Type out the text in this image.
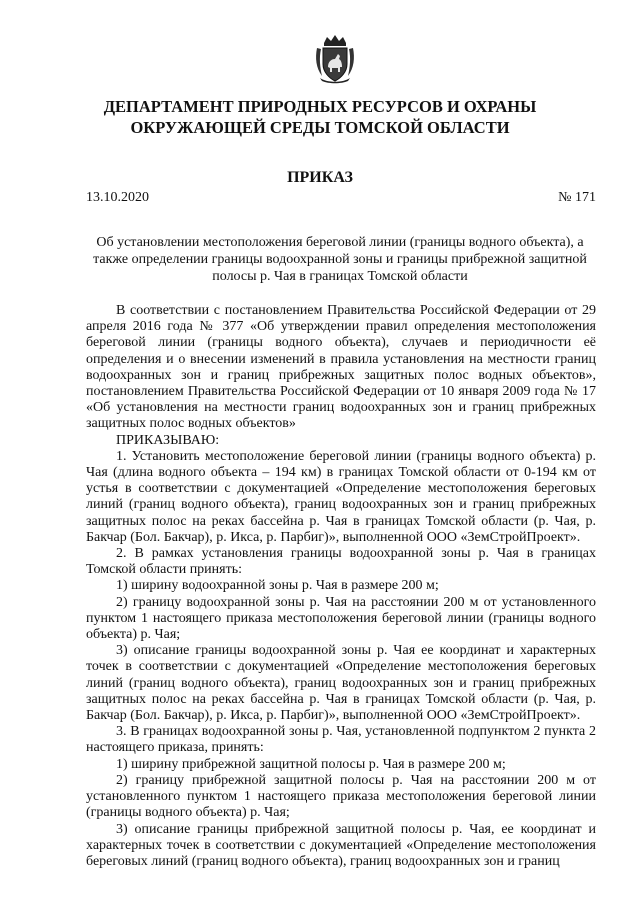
ДЕПАРТАМЕНТ ПРИРОДНЫХ РЕСУРСОВ И ОХРАНЫ ОКРУЖАЮЩЕЙ СРЕДЫ ТОМСКОЙ ОБЛАСТИ
ПРИКАЗ
13.10.2020	№ 171
Об установлении местоположения береговой линии (границы водного объекта), а также определении границы водоохранной зоны и границы прибрежной защитной полосы р. Чая в границах Томской области

В соответствии с постановлением Правительства Российской Федерации от 29 апреля 2016 года № 377 «Об утверждении правил определения местоположения береговой линии (границы водного объекта), случаев и периодичности её определения и о внесении изменений в правила установления на местности границ водоохранных зон и границ прибрежных защитных полос водных объектов», постановлением Правительства Российской Федерации от 10 января 2009 года № 17 «Об установления на местности границ водоохранных зон и границ прибрежных защитных полос водных объектов»

ПРИКАЗЫВАЮ:

1. Установить местоположение береговой линии (границы водного объекта) р. Чая (длина водного объекта – 194 км) в границах Томской области от 0-194 км от устья в соответствии с документацией «Определение местоположения береговых линий (границ водного объекта), границ водоохранных зон и границ прибрежных защитных полос на реках бассейна р. Чая в границах Томской области (р. Чая, р. Бакчар (Бол. Бакчар), р. Икса, р. Парбиг)», выполненной ООО «ЗемСтройПроект».

2. В рамках установления границы водоохранной зоны р. Чая в границах Томской области принять:

1) ширину водоохранной зоны р. Чая в размере 200 м;

2) границу водоохранной зоны р. Чая на расстоянии 200 м от установленного пунктом 1 настоящего приказа местоположения береговой линии (границы водного объекта) р. Чая;

3) описание границы водоохранной зоны р. Чая ее координат и характерных точек в соответствии с документацией «Определение местоположения береговых линий (границ водного объекта), границ водоохранных зон и границ прибрежных защитных полос на реках бассейна р. Чая в границах Томской области (р. Чая, р. Бакчар (Бол. Бакчар), р. Икса, р. Парбиг)», выполненной ООО «ЗемСтройПроект».

3. В границах водоохранной зоны р. Чая, установленной подпунктом 2 пункта 2 настоящего приказа, принять:

1) ширину прибрежной защитной полосы р. Чая в размере 200 м;

2) границу прибрежной защитной полосы р. Чая на расстоянии 200 м от установленного пунктом 1 настоящего приказа местоположения береговой линии (границы водного объекта) р. Чая;

3) описание границы прибрежной защитной полосы р. Чая, ее координат и характерных точек в соответствии с документацией «Определение местоположения береговых линий (границ водного объекта), границ водоохранных зон и границ
